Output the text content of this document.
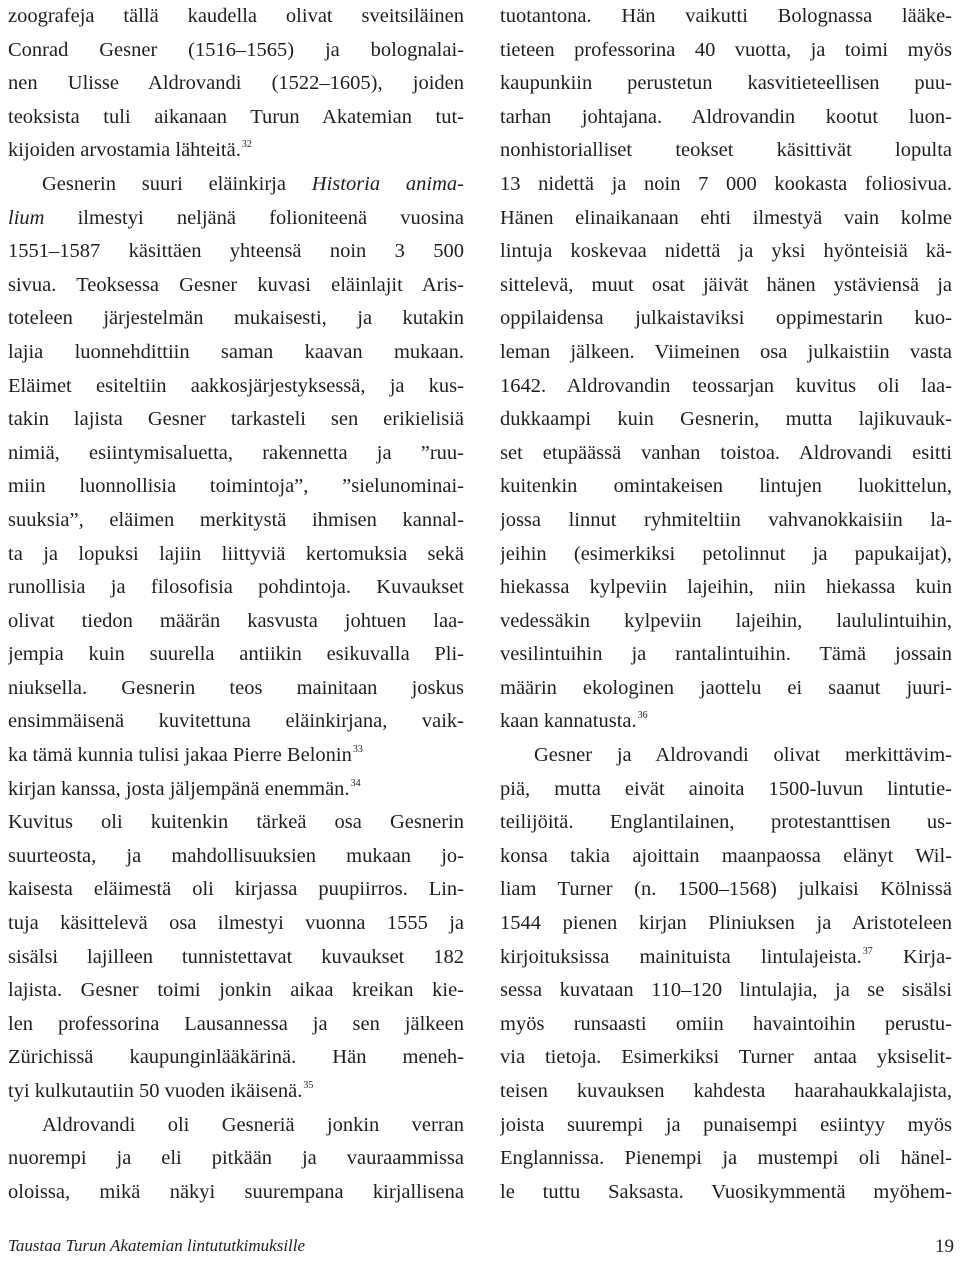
zoografeja tällä kaudella olivat sveitsiläinen
Conrad Gesner (1516–1565) ja bolognalai-
nen Ulisse Aldrovandi (1522–1605), joiden
teoksista tuli aikanaan Turun Akatemian tut-
kijoiden arvostamia lähteitä.$^{32}$
Gesnerin suuri eläinkirja Historia anima-
lium ilmestyi neljänä folioniteenä vuosina
1551–1587 käsittäen yhteensä noin 3 500
sivua. Teoksessa Gesner kuvasi eläinlajit Aris-
toteleen järjestelmän mukaisesti, ja kutakin
lajia luonnehdittiin saman kaavan mukaan.
Eläimet esiteltiin aakkosjärjestyksessä, ja kus-
takin lajista Gesner tarkasteli sen erikielisiä
nimiä, esiintymisaluetta, rakennetta ja ”ruu-
miin luonnollisia toimintoja”, ”sielunominai-
suuksia”, eläimen merkitystä ihmisen kannal-
ta ja lopuksi lajiin liittyviä kertomuksia sekä
runollisia ja filosofisia pohdintoja. Kuvaukset
olivat tiedon määrän kasvusta johtuen laa-
jempia kuin suurella antiikin esikuvalla Pli-
niuksella. Gesnerin teos mainitaan joskus
ensimmäisenä kuvitettuna eläinkirjana, vaik-
ka tämä kunnia tulisi jakaa Pierre Belonin$^{33}$
kirjan kanssa, josta jäljempänä enemmän.$^{34}$
Kuvitus oli kuitenkin tärkeä osa Gesnerin
suurteosta, ja mahdollisuuksien mukaan jo-
kaisesta eläimestä oli kirjassa puupiirros. Lin-
tuja käsittelevä osa ilmestyi vuonna 1555 ja
sisälsi lajilleen tunnistettavat kuvaukset 182
lajista. Gesner toimi jonkin aikaa kreikan kie-
len professorina Lausannessa ja sen jälkeen
Zürichissä kaupunginlääkärinä. Hän meneh-
tyi kulkutautiin 50 vuoden ikäisenä.$^{35}$
Aldrovandi oli Gesneriä jonkin verran
nuorempi ja eli pitkään ja vauraammissa
oloissa, mikä näkyi suurempana kirjallisena
tuotantona. Hän vaikutti Bolognassa lääke-
tieteen professorina 40 vuotta, ja toimi myös
kaupunkiin perustetun kasvitieteellisen puu-
tarhan johtajana. Aldrovandin kootut luon-
nonhistorialliset teokset käsittivät lopulta
13 nidettä ja noin 7 000 kookasta foliosivua.
Hänen elinaikanaan ehti ilmestyä vain kolme
lintuja koskevaa nidettä ja yksi hyönteisiä kä-
sittelevä, muut osat jäivät hänen ystäviensä ja
oppilaidensa julkaistaviksi oppimestarin kuo-
leman jälkeen. Viimeinen osa julkaistiin vasta
1642. Aldrovandin teossarjan kuvitus oli laa-
dukkaampi kuin Gesnerin, mutta lajikuvauk-
set etupäässä vanhan toistoa. Aldrovandi esitti
kuitenkin omintakeisen lintujen luokittelun,
jossa linnut ryhmiteltiin vahvanokkaisiin la-
jeihin (esimerkiksi petolinnut ja papukaijat),
hiekassa kylpeviin lajeihin, niin hiekassa kuin
vedessäkin kylpeviin lajeihin, laululintuihin,
vesilintuihin ja rantalintuihin. Tämä jossain
määrin ekologinen jaottelu ei saanut juuri-
kaan kannatusta.$^{36}$
Gesner ja Aldrovandi olivat merkittävim-
piä, mutta eivät ainoita 1500-luvun lintutie-
teilijöitä. Englantilainen, protestanttisen us-
konsa takia ajoittain maanpaossa elänyt Wil-
liam Turner (n. 1500–1568) julkaisi Kölnissä
1544 pienen kirjan Pliniuksen ja Aristoteleen
kirjoituksissa mainituista lintulajeista.$^{37}$ Kirja-
sessa kuvataan 110–120 lintulajia, ja se sisälsi
myös runsaasti omiin havaintoihin perustu-
via tietoja. Esimerkiksi Turner antaa yksiselit-
teisen kuvauksen kahdesta haarahaukkalajista,
joista suurempi ja punaisempi esiintyy myös
Englannissa. Pienempi ja mustempi oli hänel-
le tuttu Saksasta. Vuosikymmentä myöhem-
Taustaa Turun Akatemian lintututkimuksille	19
